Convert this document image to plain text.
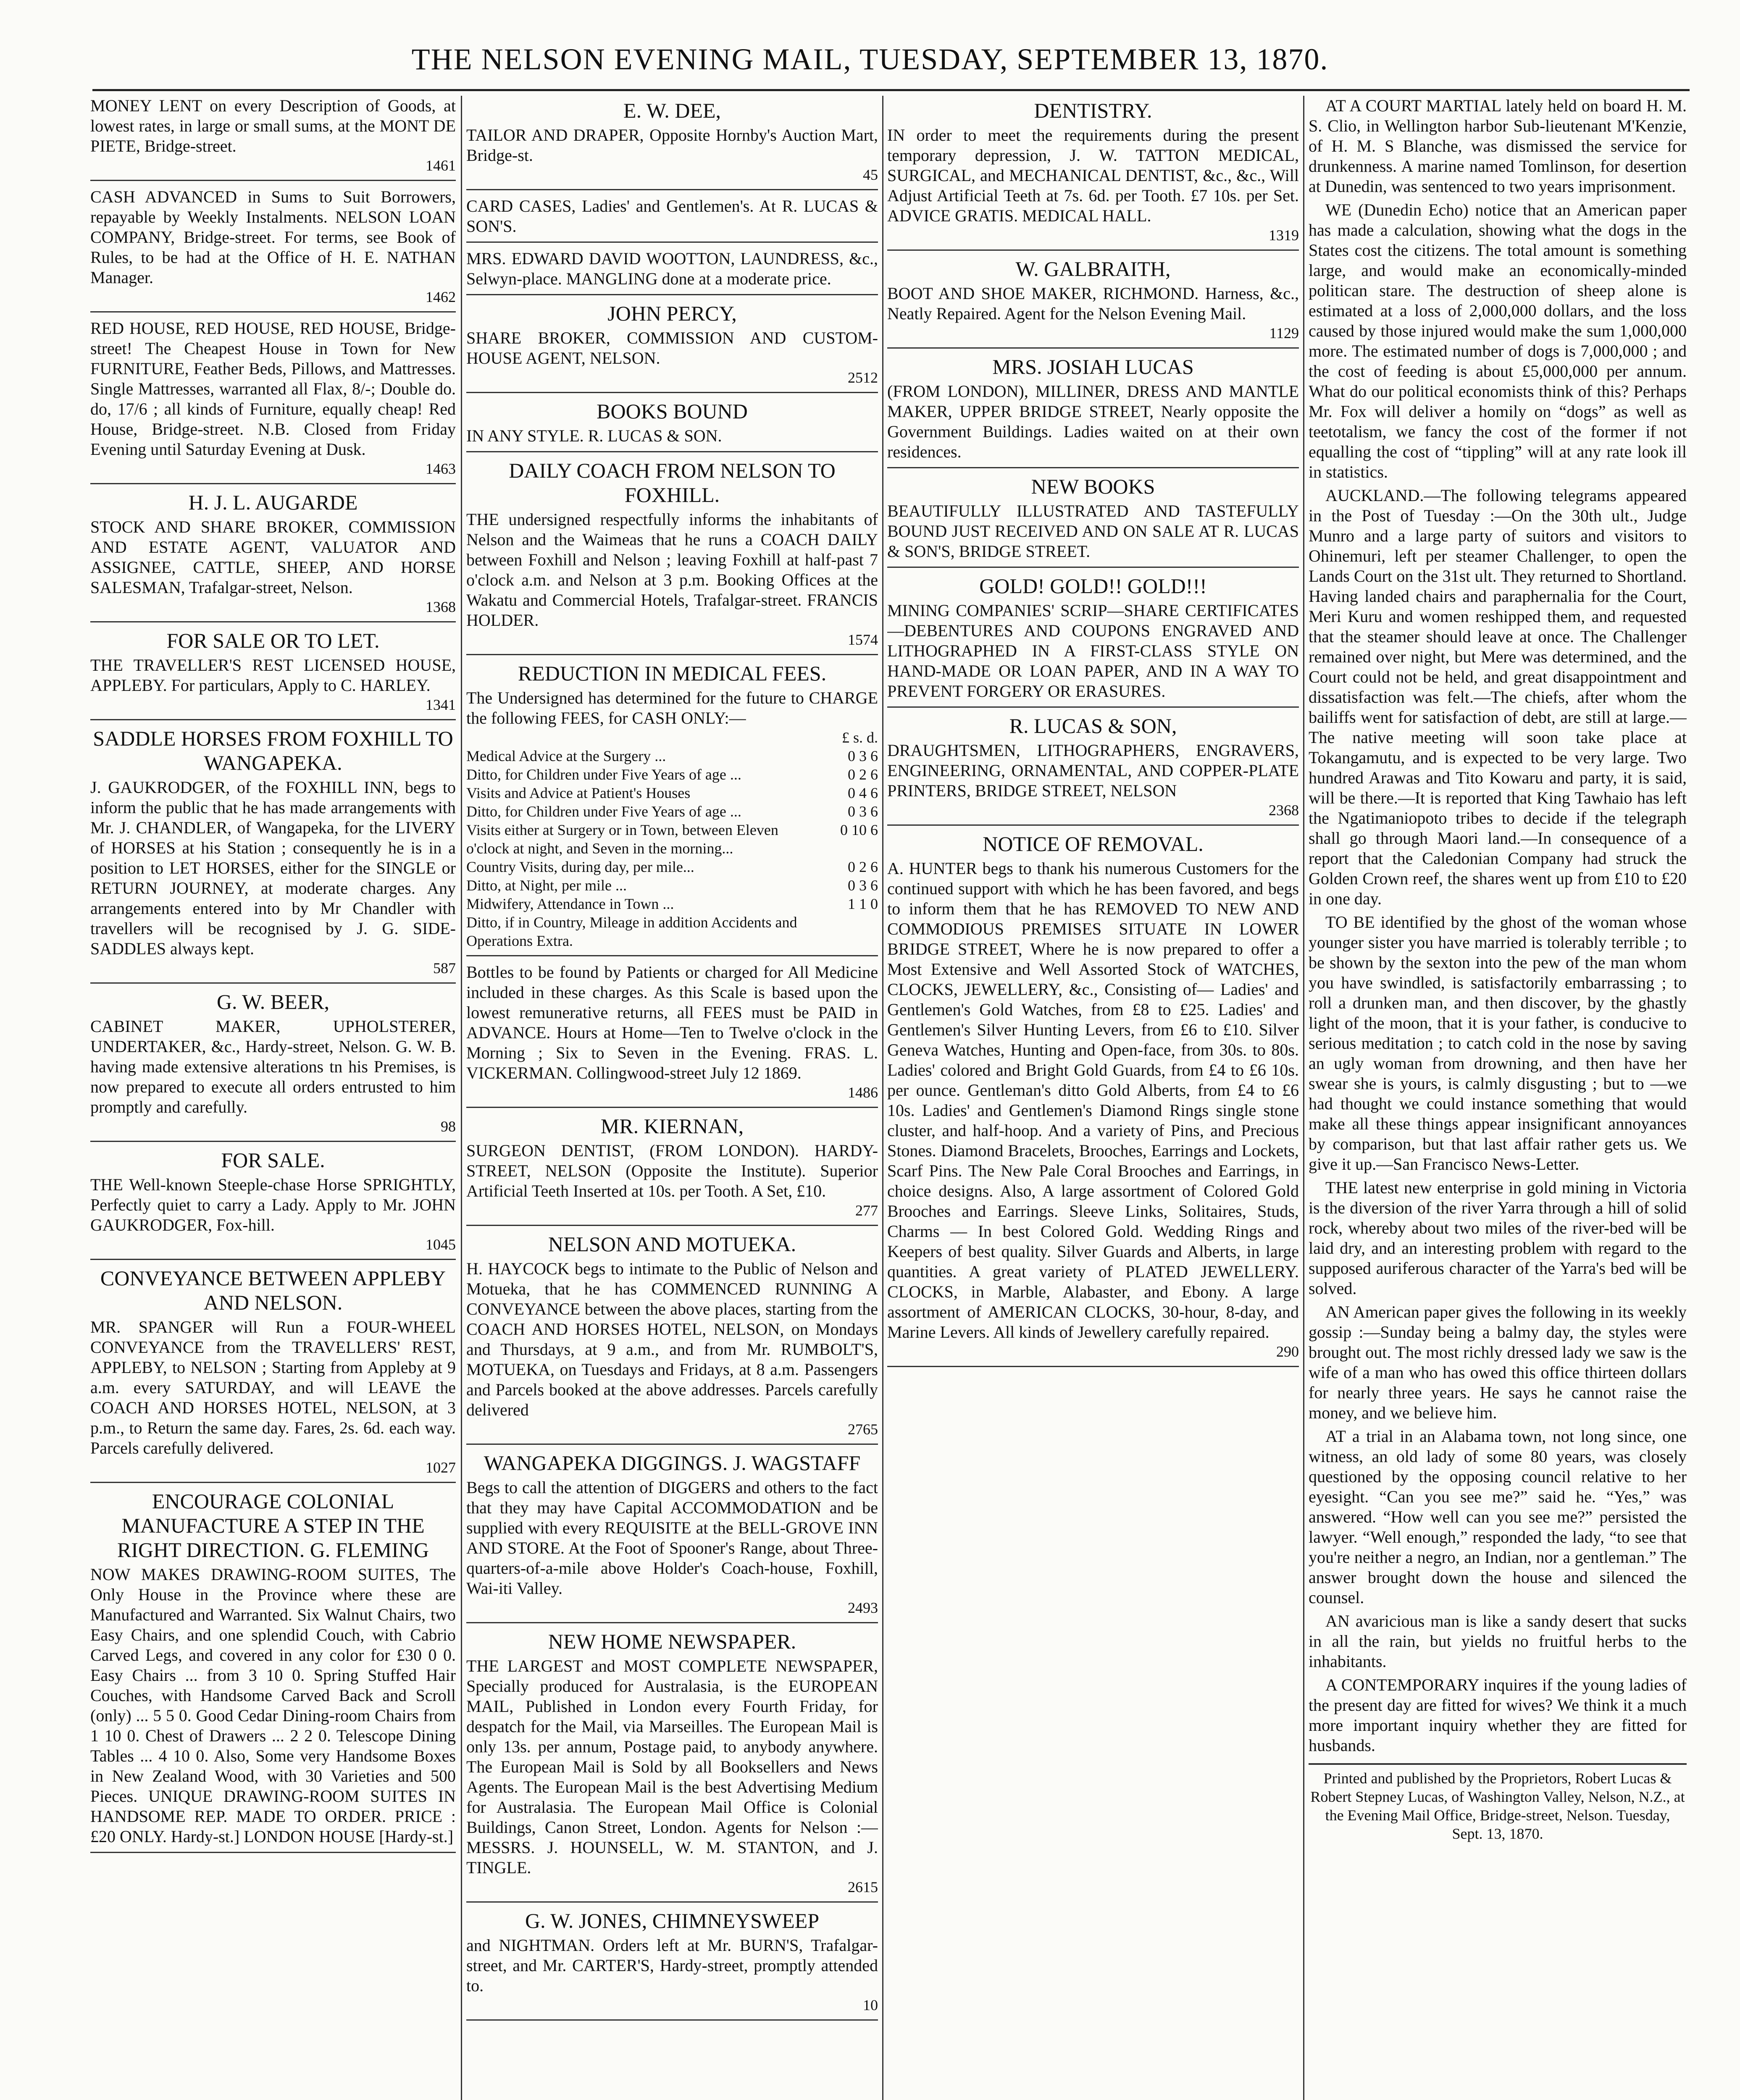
THE NELSON EVENING MAIL, TUESDAY, SEPTEMBER 13, 1870.
MONEY LENT on every Description of Goods, at lowest rates, in large or small sums, at the MONT DE PIETE, Bridge-street.
1461
CASH ADVANCED in Sums to Suit Borrowers, repayable by Weekly Instalments. NELSON LOAN COMPANY, Bridge-street. For terms, see Book of Rules, to be had at the Office of H. E. NATHAN Manager.
1462
RED HOUSE, RED HOUSE, RED HOUSE, Bridge-street! The Cheapest House in Town for New FURNITURE, Feather Beds, Pillows, and Mattresses. Single Mattresses, warranted all Flax, 8/-; Double do. do, 17/6 ; all kinds of Furniture, equally cheap! Red House, Bridge-street. N.B. Closed from Friday Evening until Saturday Evening at Dusk.
1463
H. J. L. AUGARDE
STOCK AND SHARE BROKER, COMMISSION AND ESTATE AGENT, VALUATOR AND ASSIGNEE, CATTLE, SHEEP, AND HORSE SALESMAN, Trafalgar-street, Nelson.
1368
FOR SALE OR TO LET.
THE TRAVELLER'S REST LICENSED HOUSE, APPLEBY. For particulars, Apply to C. HARLEY.
1341
SADDLE HORSES FROM FOXHILL TO WANGAPEKA.
J. GAUKRODGER, of the FOXHILL INN, begs to inform the public that he has made arrangements with Mr. J. CHANDLER, of Wangapeka, for the LIVERY of HORSES at his Station ; consequently he is in a position to LET HORSES, either for the SINGLE or RETURN JOURNEY, at moderate charges. Any arrangements entered into by Mr Chandler with travellers will be recognised by J. G. SIDE-SADDLES always kept.
587
G. W. BEER,
CABINET MAKER, UPHOLSTERER, UNDERTAKER, &c., Hardy-street, Nelson. G. W. B. having made extensive alterations tn his Premises, is now prepared to execute all orders entrusted to him promptly and carefully.
98
FOR SALE.
THE Well-known Steeple-chase Horse SPRIGHTLY, Perfectly quiet to carry a Lady. Apply to Mr. JOHN GAUKRODGER, Fox-hill.
1045
CONVEYANCE BETWEEN APPLEBY AND NELSON.
MR. SPANGER will Run a FOUR-WHEEL CONVEYANCE from the TRAVELLERS' REST, APPLEBY, to NELSON ; Starting from Appleby at 9 a.m. every SATURDAY, and will LEAVE the COACH AND HORSES HOTEL, NELSON, at 3 p.m., to Return the same day. Fares, 2s. 6d. each way. Parcels carefully delivered.
1027
ENCOURAGE COLONIAL MANUFACTURE A STEP IN THE RIGHT DIRECTION. G. FLEMING
NOW MAKES DRAWING-ROOM SUITES, The Only House in the Province where these are Manufactured and Warranted. Six Walnut Chairs, two Easy Chairs, and one splendid Couch, with Cabrio Carved Legs, and covered in any color for £30 0 0. Easy Chairs ... from 3 10 0. Spring Stuffed Hair Couches, with Handsome Carved Back and Scroll (only) ... 5 5 0. Good Cedar Dining-room Chairs from 1 10 0. Chest of Drawers ... 2 2 0. Telescope Dining Tables ... 4 10 0. Also, Some very Handsome Boxes in New Zealand Wood, with 30 Varieties and 500 Pieces. UNIQUE DRAWING-ROOM SUITES IN HANDSOME REP. MADE TO ORDER. PRICE : £20 ONLY. Hardy-st.] LONDON HOUSE [Hardy-st.]
E. W. DEE,
TAILOR AND DRAPER, Opposite Hornby's Auction Mart, Bridge-st.
45
CARD CASES, Ladies' and Gentlemen's. At R. LUCAS & SON'S.
MRS. EDWARD DAVID WOOTTON, LAUNDRESS, &c., Selwyn-place. MANGLING done at a moderate price.
JOHN PERCY,
SHARE BROKER, COMMISSION AND CUSTOM-HOUSE AGENT, NELSON.
2512
BOOKS BOUND
IN ANY STYLE. R. LUCAS & SON.
DAILY COACH FROM NELSON TO FOXHILL.
THE undersigned respectfully informs the inhabitants of Nelson and the Waimeas that he runs a COACH DAILY between Foxhill and Nelson ; leaving Foxhill at half-past 7 o'clock a.m. and Nelson at 3 p.m. Booking Offices at the Wakatu and Commercial Hotels, Trafalgar-street. FRANCIS HOLDER.
1574
REDUCTION IN MEDICAL FEES.
The Undersigned has determined for the future to CHARGE the following FEES, for CASH ONLY:—
£ s. d.
Medical Advice at the Surgery ...	0 3 6
Ditto, for Children under Five Years of age ...	0 2 6
Visits and Advice at Patient's Houses	0 4 6
Ditto, for Children under Five Years of age ...	0 3 6
Visits either at Surgery or in Town, between Eleven o'clock at night, and Seven in the morning...
0 10 6
Country Visits, during day, per mile...	0 2 6
Ditto, at Night, per mile ...	0 3 6
Midwifery, Attendance in Town ...	1 1 0
Ditto, if in Country, Mileage in addition Accidents and Operations Extra.
Bottles to be found by Patients or charged for All Medicine included in these charges. As this Scale is based upon the lowest remunerative returns, all FEES must be PAID in ADVANCE. Hours at Home—Ten to Twelve o'clock in the Morning ; Six to Seven in the Evening. FRAS. L. VICKERMAN. Collingwood-street July 12 1869.
1486
MR. KIERNAN,
SURGEON DENTIST, (FROM LONDON). HARDY-STREET, NELSON (Opposite the Institute). Superior Artificial Teeth Inserted at 10s. per Tooth. A Set, £10.
277
NELSON AND MOTUEKA.
H. HAYCOCK begs to intimate to the Public of Nelson and Motueka, that he has COMMENCED RUNNING A CONVEYANCE between the above places, starting from the COACH AND HORSES HOTEL, NELSON, on Mondays and Thursdays, at 9 a.m., and from Mr. RUMBOLT'S, MOTUEKA, on Tuesdays and Fridays, at 8 a.m. Passengers and Parcels booked at the above addresses. Parcels carefully delivered
2765
WANGAPEKA DIGGINGS. J. WAGSTAFF
Begs to call the attention of DIGGERS and others to the fact that they may have Capital ACCOMMODATION and be supplied with every REQUISITE at the BELL-GROVE INN AND STORE. At the Foot of Spooner's Range, about Three-quarters-of-a-mile above Holder's Coach-house, Foxhill, Wai-iti Valley.
2493
NEW HOME NEWSPAPER.
THE LARGEST and MOST COMPLETE NEWSPAPER, Specially produced for Australasia, is the EUROPEAN MAIL, Published in London every Fourth Friday, for despatch for the Mail, via Marseilles. The European Mail is only 13s. per annum, Postage paid, to anybody anywhere. The European Mail is Sold by all Booksellers and News Agents. The European Mail is the best Advertising Medium for Australasia. The European Mail Office is Colonial Buildings, Canon Street, London. Agents for Nelson :—MESSRS. J. HOUNSELL, W. M. STANTON, and J. TINGLE.
2615
G. W. JONES, CHIMNEYSWEEP
and NIGHTMAN. Orders left at Mr. BURN'S, Trafalgar-street, and Mr. CARTER'S, Hardy-street, promptly attended to.
10
DENTISTRY.
IN order to meet the requirements during the present temporary depression, J. W. TATTON MEDICAL, SURGICAL, and MECHANICAL DENTIST, &c., &c., Will Adjust Artificial Teeth at 7s. 6d. per Tooth. £7 10s. per Set. ADVICE GRATIS. MEDICAL HALL.
1319
W. GALBRAITH,
BOOT AND SHOE MAKER, RICHMOND. Harness, &c., Neatly Repaired. Agent for the Nelson Evening Mail.
1129
MRS. JOSIAH LUCAS
(FROM LONDON), MILLINER, DRESS AND MANTLE MAKER, UPPER BRIDGE STREET, Nearly opposite the Government Buildings. Ladies waited on at their own residences.
NEW BOOKS
BEAUTIFULLY ILLUSTRATED AND TASTEFULLY BOUND JUST RECEIVED AND ON SALE AT R. LUCAS & SON'S, BRIDGE STREET.
GOLD! GOLD!! GOLD!!!
MINING COMPANIES' SCRIP—SHARE CERTIFICATES—DEBENTURES AND COUPONS ENGRAVED AND LITHOGRAPHED IN A FIRST-CLASS STYLE ON HAND-MADE OR LOAN PAPER, AND IN A WAY TO PREVENT FORGERY OR ERASURES.
R. LUCAS & SON,
DRAUGHTSMEN, LITHOGRAPHERS, ENGRAVERS, ENGINEERING, ORNAMENTAL, AND COPPER-PLATE PRINTERS, BRIDGE STREET, NELSON
2368
NOTICE OF REMOVAL.
A. HUNTER begs to thank his numerous Customers for the continued support with which he has been favored, and begs to inform them that he has REMOVED TO NEW AND COMMODIOUS PREMISES SITUATE IN LOWER BRIDGE STREET, Where he is now prepared to offer a Most Extensive and Well Assorted Stock of WATCHES, CLOCKS, JEWELLERY, &c., Consisting of— Ladies' and Gentlemen's Gold Watches, from £8 to £25. Ladies' and Gentlemen's Silver Hunting Levers, from £6 to £10. Silver Geneva Watches, Hunting and Open-face, from 30s. to 80s. Ladies' colored and Bright Gold Guards, from £4 to £6 10s. per ounce. Gentleman's ditto Gold Alberts, from £4 to £6 10s. Ladies' and Gentlemen's Diamond Rings single stone cluster, and half-hoop. And a variety of Pins, and Precious Stones. Diamond Bracelets, Brooches, Earrings and Lockets, Scarf Pins. The New Pale Coral Brooches and Earrings, in choice designs. Also, A large assortment of Colored Gold Brooches and Earrings. Sleeve Links, Solitaires, Studs, Charms — In best Colored Gold. Wedding Rings and Keepers of best quality. Silver Guards and Alberts, in large quantities. A great variety of PLATED JEWELLERY. CLOCKS, in Marble, Alabaster, and Ebony. A large assortment of AMERICAN CLOCKS, 30-hour, 8-day, and Marine Levers. All kinds of Jewellery carefully repaired.
290

AT A COURT MARTIAL lately held on board H. M. S. Clio, in Wellington harbor Sub-lieutenant M'Kenzie, of H. M. S Blanche, was dismissed the service for drunkenness. A marine named Tomlinson, for desertion at Dunedin, was sentenced to two years imprisonment.

WE (Dunedin Echo) notice that an American paper has made a calculation, showing what the dogs in the States cost the citizens. The total amount is something large, and would make an economically-minded politican stare. The destruction of sheep alone is estimated at a loss of 2,000,000 dollars, and the loss caused by those injured would make the sum 1,000,000 more. The estimated number of dogs is 7,000,000 ; and the cost of feeding is about £5,000,000 per annum. What do our political economists think of this? Perhaps Mr. Fox will deliver a homily on “dogs” as well as teetotalism, we fancy the cost of the former if not equalling the cost of “tippling” will at any rate look ill in statistics.

AUCKLAND.—The following telegrams appeared in the Post of Tuesday :—On the 30th ult., Judge Munro and a large party of suitors and visitors to Ohinemuri, left per steamer Challenger, to open the Lands Court on the 31st ult. They returned to Shortland. Having landed chairs and paraphernalia for the Court, Meri Kuru and women reshipped them, and requested that the steamer should leave at once. The Challenger remained over night, but Mere was determined, and the Court could not be held, and great disappointment and dissatisfaction was felt.—The chiefs, after whom the bailiffs went for satisfaction of debt, are still at large.—The native meeting will soon take place at Tokangamutu, and is expected to be very large. Two hundred Arawas and Tito Kowaru and party, it is said, will be there.—It is reported that King Tawhaio has left the Ngatimaniopoto tribes to decide if the telegraph shall go through Maori land.—In consequence of a report that the Caledonian Company had struck the Golden Crown reef, the shares went up from £10 to £20 in one day.

TO BE identified by the ghost of the woman whose younger sister you have married is tolerably terrible ; to be shown by the sexton into the pew of the man whom you have swindled, is satisfactorily embarrassing ; to roll a drunken man, and then discover, by the ghastly light of the moon, that it is your father, is conducive to serious meditation ; to catch cold in the nose by saving an ugly woman from drowning, and then have her swear she is yours, is calmly disgusting ; but to —we had thought we could instance something that would make all these things appear insignificant annoyances by comparison, but that last affair rather gets us. We give it up.—San Francisco News-Letter.

THE latest new enterprise in gold mining in Victoria is the diversion of the river Yarra through a hill of solid rock, whereby about two miles of the river-bed will be laid dry, and an interesting problem with regard to the supposed auriferous character of the Yarra's bed will be solved.

AN American paper gives the following in its weekly gossip :—Sunday being a balmy day, the styles were brought out. The most richly dressed lady we saw is the wife of a man who has owed this office thirteen dollars for nearly three years. He says he cannot raise the money, and we believe him.

AT a trial in an Alabama town, not long since, one witness, an old lady of some 80 years, was closely questioned by the opposing council relative to her eyesight. “Can you see me?” said he. “Yes,” was answered. “How well can you see me?” persisted the lawyer. “Well enough,” responded the lady, “to see that you're neither a negro, an Indian, nor a gentleman.” The answer brought down the house and silenced the counsel.

AN avaricious man is like a sandy desert that sucks in all the rain, but yields no fruitful herbs to the inhabitants.

A CONTEMPORARY inquires if the young ladies of the present day are fitted for wives? We think it a much more important inquiry whether they are fitted for husbands.

Printed and published by the Proprietors, Robert Lucas & Robert Stepney Lucas, of Washington Valley, Nelson, N.Z., at the Evening Mail Office, Bridge-street, Nelson. Tuesday, Sept. 13, 1870.
